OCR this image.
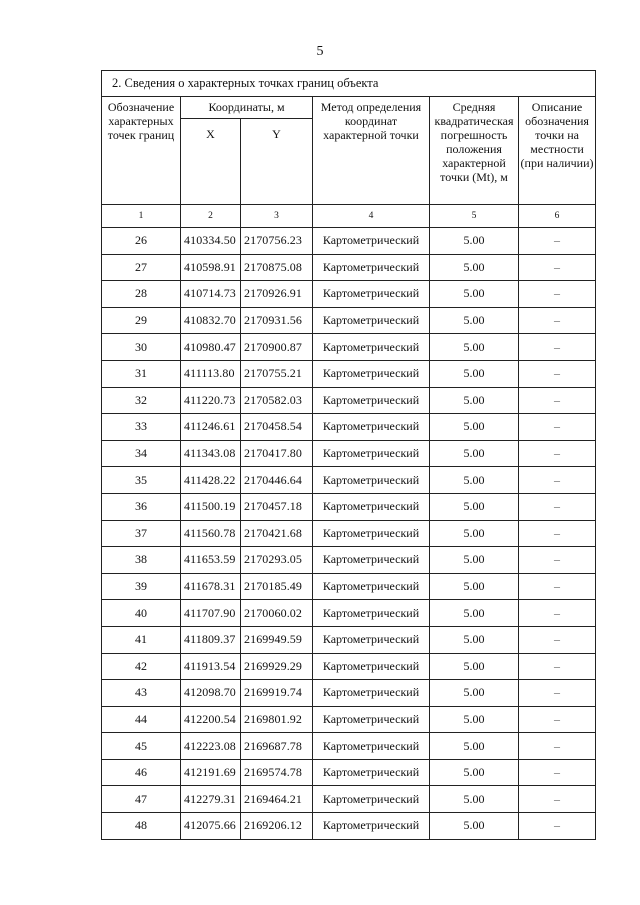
5
2. Сведения о характерных точках границ объекта					
Обозначение характерных точек границ	Координаты, м		Метод определения координат характерной точки	Средняя квадратическая погрешность положения характерной точки (Mt), м	Описание обозначения точки на местности (при наличии)
	X	Y			
1	2	3	4	5	6
26	410334.50	2170756.23	Картометрический	5.00	–
27	410598.91	2170875.08	Картометрический	5.00	–
28	410714.73	2170926.91	Картометрический	5.00	–
29	410832.70	2170931.56	Картометрический	5.00	–
30	410980.47	2170900.87	Картометрический	5.00	–
31	411113.80	2170755.21	Картометрический	5.00	–
32	411220.73	2170582.03	Картометрический	5.00	–
33	411246.61	2170458.54	Картометрический	5.00	–
34	411343.08	2170417.80	Картометрический	5.00	–
35	411428.22	2170446.64	Картометрический	5.00	–
36	411500.19	2170457.18	Картометрический	5.00	–
37	411560.78	2170421.68	Картометрический	5.00	–
38	411653.59	2170293.05	Картометрический	5.00	–
39	411678.31	2170185.49	Картометрический	5.00	–
40	411707.90	2170060.02	Картометрический	5.00	–
41	411809.37	2169949.59	Картометрический	5.00	–
42	411913.54	2169929.29	Картометрический	5.00	–
43	412098.70	2169919.74	Картометрический	5.00	–
44	412200.54	2169801.92	Картометрический	5.00	–
45	412223.08	2169687.78	Картометрический	5.00	–
46	412191.69	2169574.78	Картометрический	5.00	–
47	412279.31	2169464.21	Картометрический	5.00	–
48	412075.66	2169206.12	Картометрический	5.00	–
